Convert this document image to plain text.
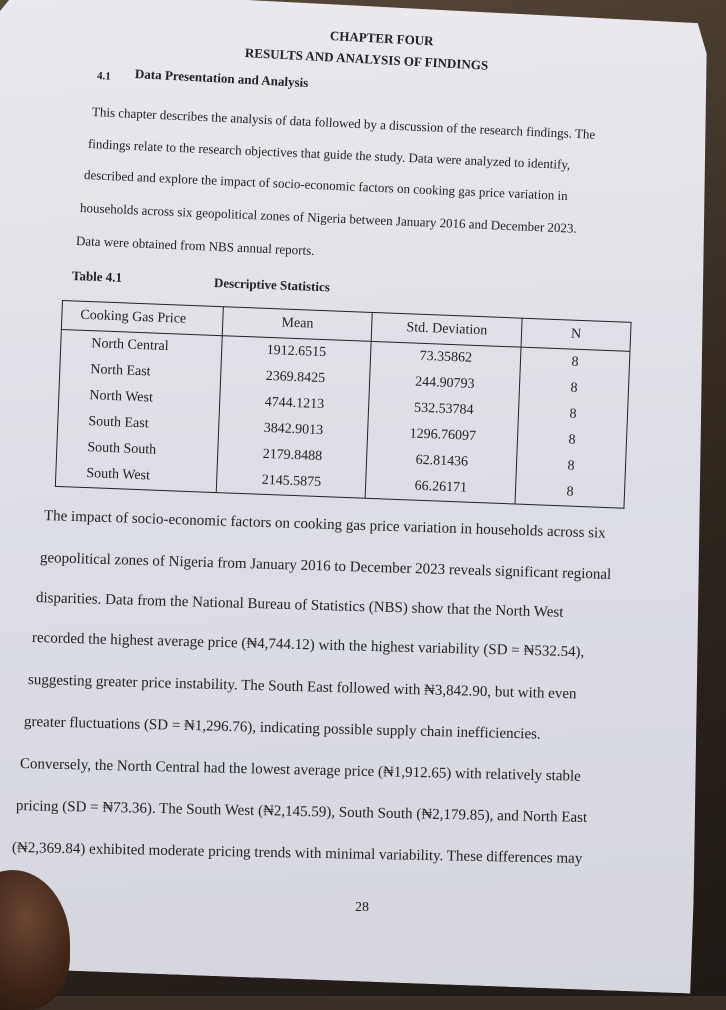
CHAPTER FOUR
RESULTS AND ANALYSIS OF FINDINGS
4.1 Data Presentation and Analysis
This chapter describes the analysis of data followed by a discussion of the research findings. The
findings relate to the research objectives that guide the study. Data were analyzed to identify,
described and explore the impact of socio-economic factors on cooking gas price variation in
households across six geopolitical zones of Nigeria between January 2016 and December 2023.
Data were obtained from NBS annual reports.
Table 4.1	Descriptive Statistics
Cooking Gas Price	Mean	Std. Deviation	N
North Central	1912.6515	73.35862	8
North East	2369.8425	244.90793	8
North West	4744.1213	532.53784	8
South East	3842.9013	1296.76097	8
South South	2179.8488	62.81436	8
South West	2145.5875	66.26171	8
The impact of socio-economic factors on cooking gas price variation in households across six
geopolitical zones of Nigeria from January 2016 to December 2023 reveals significant regional
disparities. Data from the National Bureau of Statistics (NBS) show that the North West
recorded the highest average price (₦4,744.12) with the highest variability (SD = ₦532.54),
suggesting greater price instability. The South East followed with ₦3,842.90, but with even
greater fluctuations (SD = ₦1,296.76), indicating possible supply chain inefficiencies.
Conversely, the North Central had the lowest average price (₦1,912.65) with relatively stable
pricing (SD = ₦73.36). The South West (₦2,145.59), South South (₦2,179.85), and North East
(₦2,369.84) exhibited moderate pricing trends with minimal variability. These differences may
28
